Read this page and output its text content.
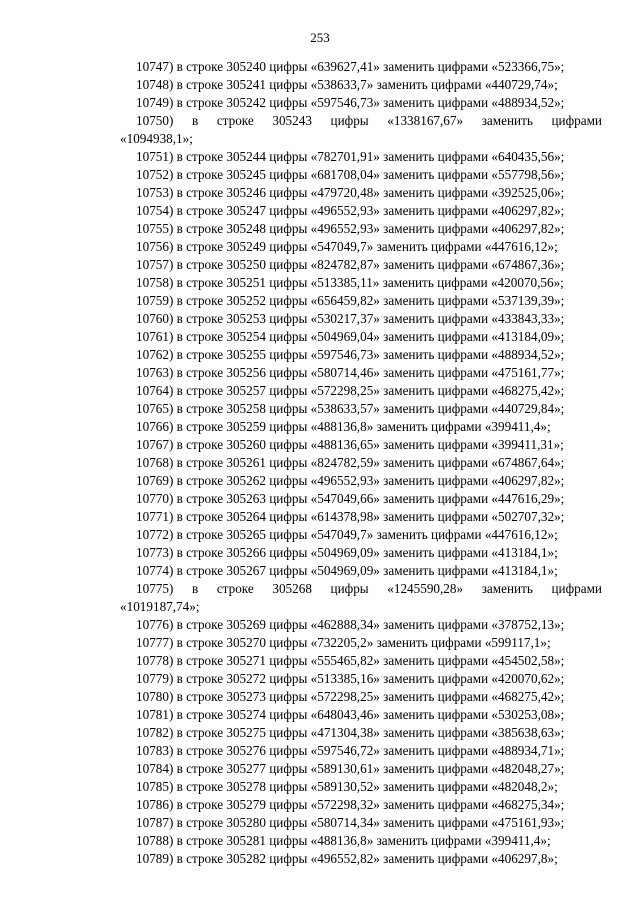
253

10747) в строке 305240 цифры «639627,41» заменить цифрами «523366,75»;

10748) в строке 305241 цифры «538633,7» заменить цифрами «440729,74»;

10749) в строке 305242 цифры «597546,73» заменить цифрами «488934,52»;

10750) в строке 305243 цифры «1338167,67» заменить цифрами

«1094938,1»;

10751) в строке 305244 цифры «782701,91» заменить цифрами «640435,56»;

10752) в строке 305245 цифры «681708,04» заменить цифрами «557798,56»;

10753) в строке 305246 цифры «479720,48» заменить цифрами «392525,06»;

10754) в строке 305247 цифры «496552,93» заменить цифрами «406297,82»;

10755) в строке 305248 цифры «496552,93» заменить цифрами «406297,82»;

10756) в строке 305249 цифры «547049,7» заменить цифрами «447616,12»;

10757) в строке 305250 цифры «824782,87» заменить цифрами «674867,36»;

10758) в строке 305251 цифры «513385,11» заменить цифрами «420070,56»;

10759) в строке 305252 цифры «656459,82» заменить цифрами «537139,39»;

10760) в строке 305253 цифры «530217,37» заменить цифрами «433843,33»;

10761) в строке 305254 цифры «504969,04» заменить цифрами «413184,09»;

10762) в строке 305255 цифры «597546,73» заменить цифрами «488934,52»;

10763) в строке 305256 цифры «580714,46» заменить цифрами «475161,77»;

10764) в строке 305257 цифры «572298,25» заменить цифрами «468275,42»;

10765) в строке 305258 цифры «538633,57» заменить цифрами «440729,84»;

10766) в строке 305259 цифры «488136,8» заменить цифрами «399411,4»;

10767) в строке 305260 цифры «488136,65» заменить цифрами «399411,31»;

10768) в строке 305261 цифры «824782,59» заменить цифрами «674867,64»;

10769) в строке 305262 цифры «496552,93» заменить цифрами «406297,82»;

10770) в строке 305263 цифры «547049,66» заменить цифрами «447616,29»;

10771) в строке 305264 цифры «614378,98» заменить цифрами «502707,32»;

10772) в строке 305265 цифры «547049,7» заменить цифрами «447616,12»;

10773) в строке 305266 цифры «504969,09» заменить цифрами «413184,1»;

10774) в строке 305267 цифры «504969,09» заменить цифрами «413184,1»;

10775) в строке 305268 цифры «1245590,28» заменить цифрами

«1019187,74»;

10776) в строке 305269 цифры «462888,34» заменить цифрами «378752,13»;

10777) в строке 305270 цифры «732205,2» заменить цифрами «599117,1»;

10778) в строке 305271 цифры «555465,82» заменить цифрами «454502,58»;

10779) в строке 305272 цифры «513385,16» заменить цифрами «420070,62»;

10780) в строке 305273 цифры «572298,25» заменить цифрами «468275,42»;

10781) в строке 305274 цифры «648043,46» заменить цифрами «530253,08»;

10782) в строке 305275 цифры «471304,38» заменить цифрами «385638,63»;

10783) в строке 305276 цифры «597546,72» заменить цифрами «488934,71»;

10784) в строке 305277 цифры «589130,61» заменить цифрами «482048,27»;

10785) в строке 305278 цифры «589130,52» заменить цифрами «482048,2»;

10786) в строке 305279 цифры «572298,32» заменить цифрами «468275,34»;

10787) в строке 305280 цифры «580714,34» заменить цифрами «475161,93»;

10788) в строке 305281 цифры «488136,8» заменить цифрами «399411,4»;

10789) в строке 305282 цифры «496552,82» заменить цифрами «406297,8»;
